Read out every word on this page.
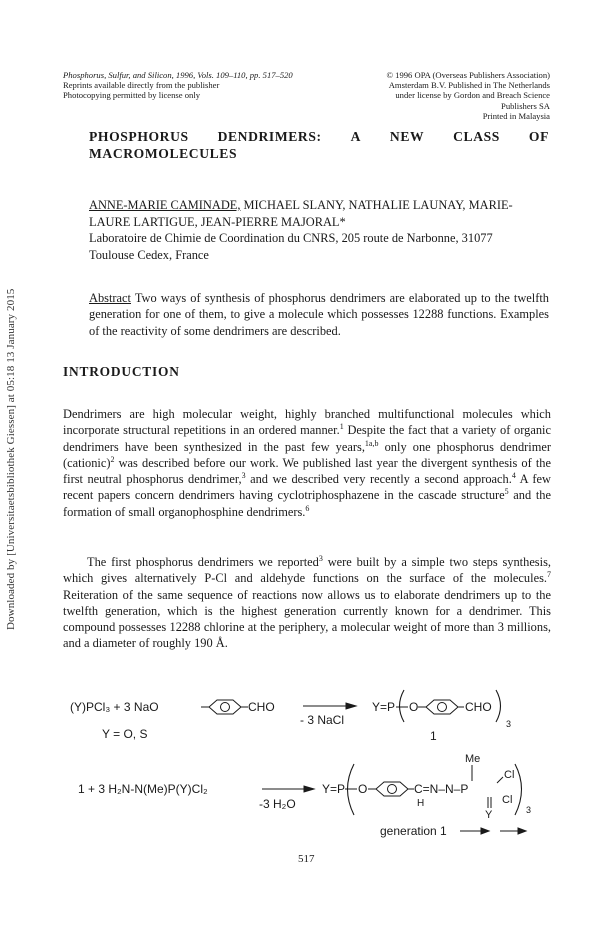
Downloaded by [Universitaetsbibliothek Giessen] at 05:18 13 January 2015
Phosphorus, Sulfur, and Silicon, 1996, Vols. 109–110, pp. 517–520
Reprints available directly from the publisher
Photocopying permitted by license only
© 1996 OPA (Overseas Publishers Association)
Amsterdam B.V. Published in The Netherlands
under license by Gordon and Breach Science
Publishers SA
Printed in Malaysia
PHOSPHORUS DENDRIMERS: A NEW CLASS OF
MACROMOLECULES
ANNE-MARIE CAMINADE, MICHAEL SLANY, NATHALIE LAUNAY, MARIE-
LAURE LARTIGUE, JEAN-PIERRE MAJORAL*
Laboratoire de Chimie de Coordination du CNRS, 205 route de Narbonne, 31077
Toulouse Cedex, France
Abstract Two ways of synthesis of phosphorus dendrimers are elaborated up to the twelfth generation for one of them, to give a molecule which possesses 12288 functions. Examples of the reactivity of some dendrimers are described.
INTRODUCTION
Dendrimers are high molecular weight, highly branched multifunctional molecules which incorporate structural repetitions in an ordered manner.$^1$ Despite the fact that a variety of organic dendrimers have been synthesized in the past few years,$^{1a,b}$ only one phosphorus dendrimer (cationic)$^2$ was described before our work. We published last year the divergent synthesis of the first neutral phosphorus dendrimer,$^3$ and we described very recently a second approach.$^4$ A few recent papers concern dendrimers having cyclotriphosphazene in the cascade structure$^5$ and the formation of small organophosphine dendrimers.$^6$
The first phosphorus dendrimers we reported$^3$ were built by a simple two steps synthesis, which gives alternatively P-Cl and aldehyde functions on the surface of the molecules.$^7$ Reiteration of the same sequence of reactions now allows us to elaborate dendrimers up to the twelfth generation, which is the highest generation currently known for a dendrimer. This compound possesses 12288 chlorine at the periphery, a molecular weight of more than 3 millions, and a diameter of roughly 190 Å.
(Y)PCl₃ + 3 NaO	CHO
- 3 NaCl
Y=P O	CHO
3
Y = O, S	1
1 + 3 H₂N-N(Me)P(Y)Cl₂
-3 H₂O
Y=P O	C=N–N–P
H
Me
Cl
Cl
Y	3
generation 1
517
